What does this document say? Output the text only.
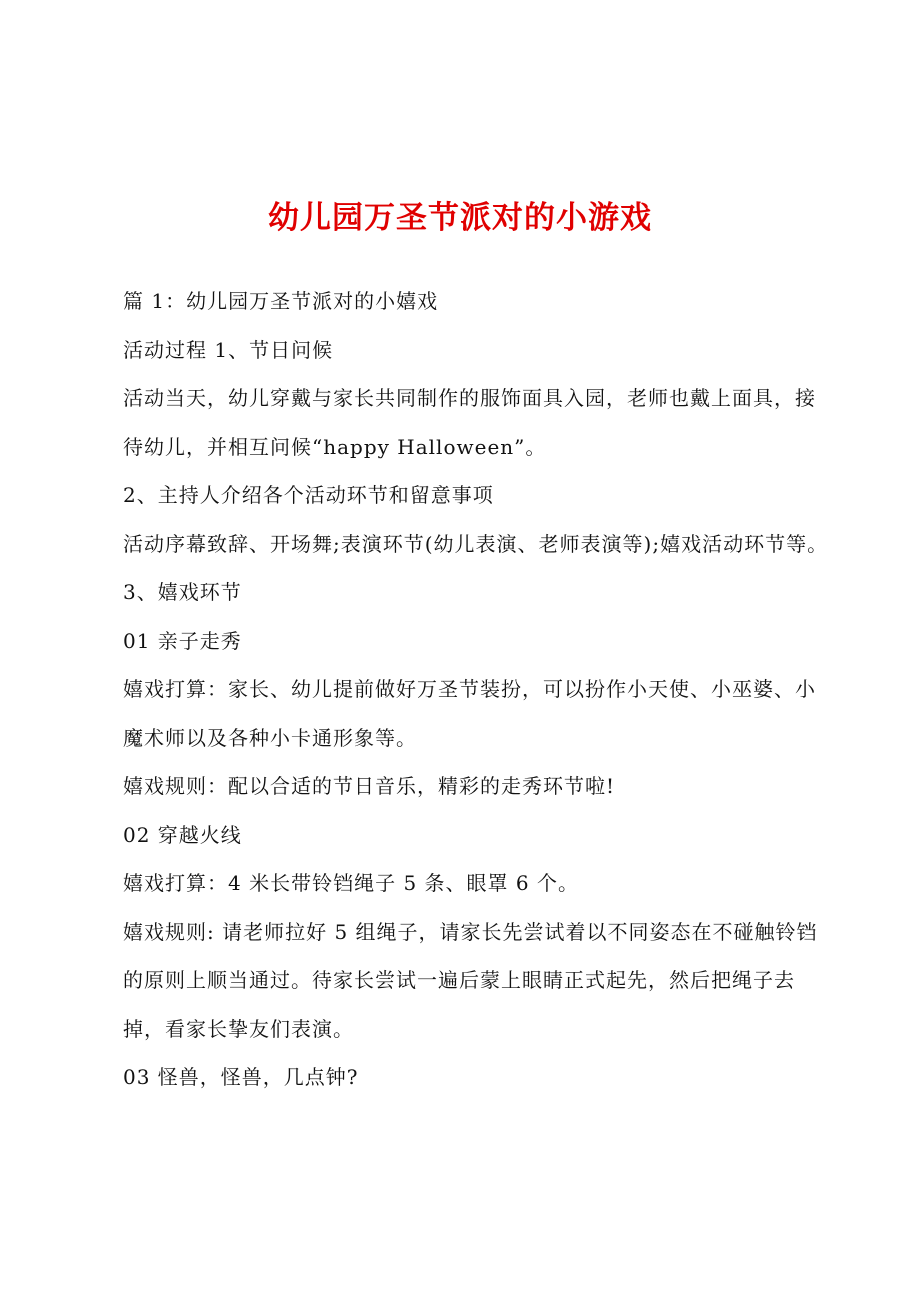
幼儿园万圣节派对的小游戏

篇 1：幼儿园万圣节派对的小嬉戏

活动过程 1、节日问候

活动当天，幼儿穿戴与家长共同制作的服饰面具入园，老师也戴上面具，接待幼儿，并相互问候“happy Halloween”。

2、主持人介绍各个活动环节和留意事项

活动序幕致辞、开场舞;表演环节(幼儿表演、老师表演等);嬉戏活动环节等。

3、嬉戏环节

01 亲子走秀

嬉戏打算：家长、幼儿提前做好万圣节装扮，可以扮作小天使、小巫婆、小魔术师以及各种小卡通形象等。

嬉戏规则：配以合适的节日音乐，精彩的走秀环节啦!

02 穿越火线

嬉戏打算：4 米长带铃铛绳子 5 条、眼罩 6 个。

嬉戏规则: 请老师拉好 5 组绳子，请家长先尝试着以不同姿态在不碰触铃铛的原则上顺当通过。待家长尝试一遍后蒙上眼睛正式起先，然后把绳子去掉，看家长挚友们表演。

03 怪兽，怪兽，几点钟?
